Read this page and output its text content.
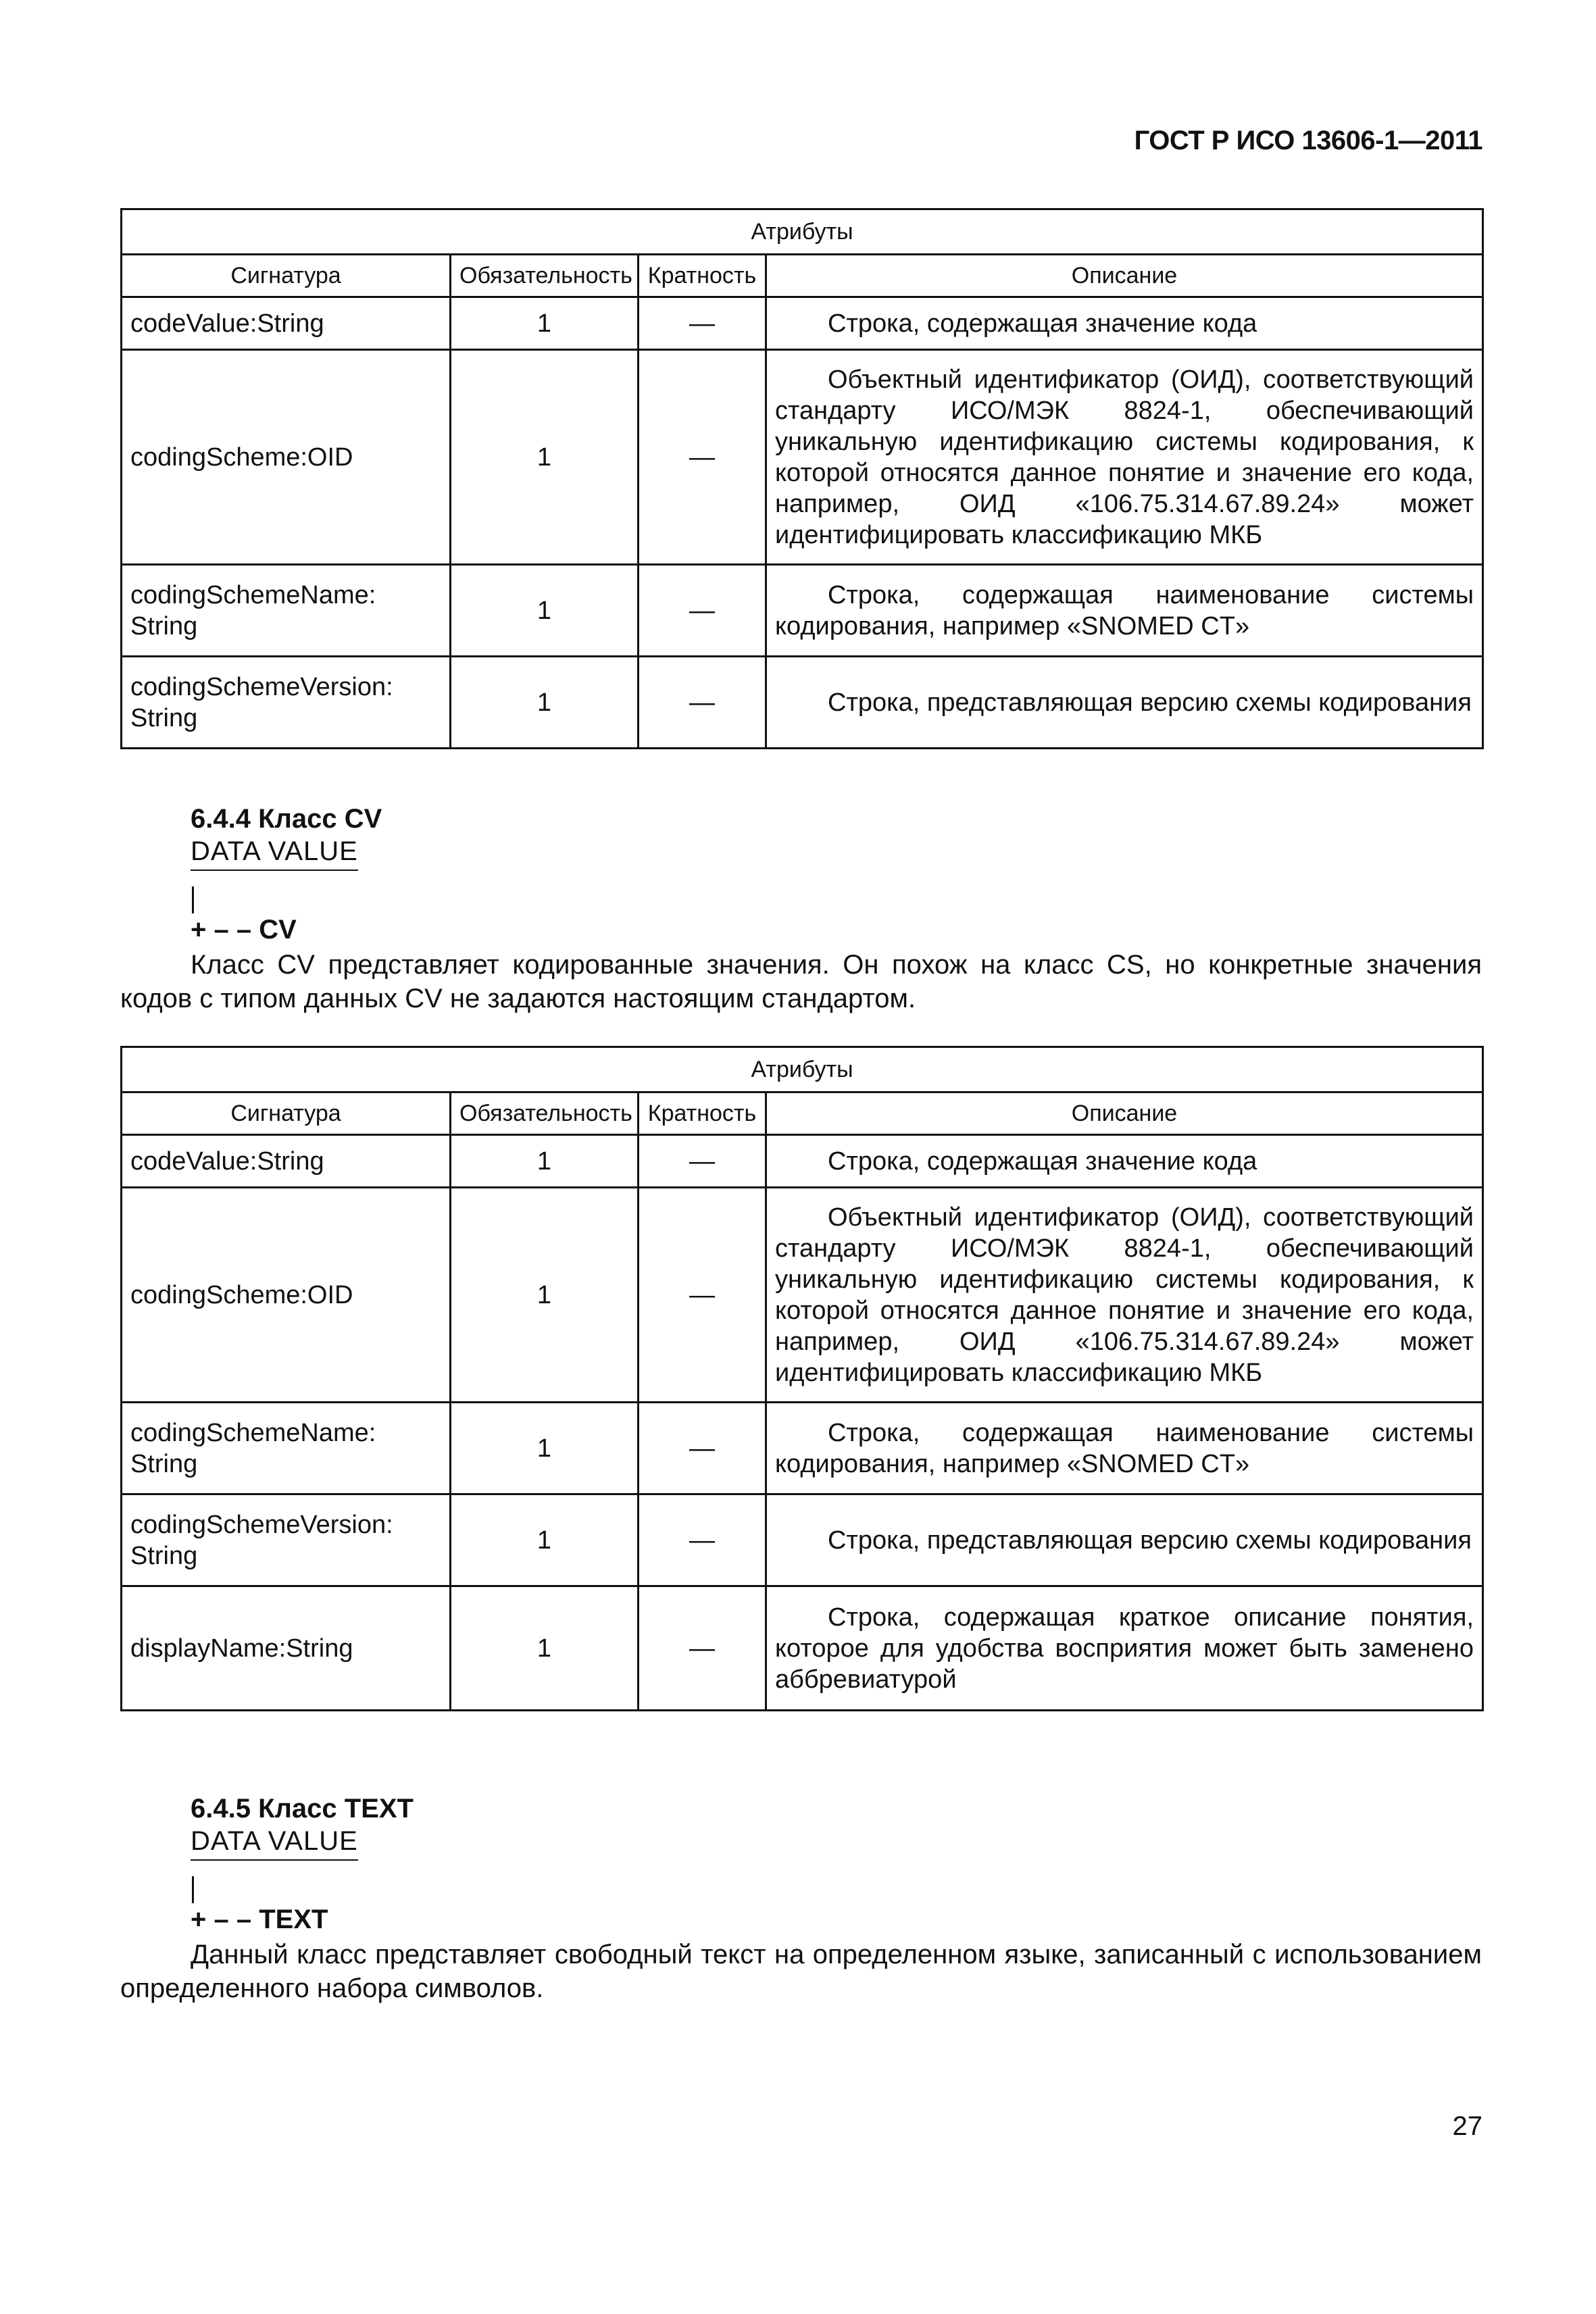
ГОСТ Р ИСО 13606-1—2011
Атрибуты			
Сигнатура	Обязательность	Кратность	Описание
codeValue:String	1	—	Строка, содержащая значение кода

codingScheme:OID	1	—	Объектный идентификатор (ОИД), соответствующий стандарту ИСО/МЭК 8824-1, обеспечивающий уникальную идентификацию системы кодирования, к которой относятся данное понятие и значение его кода, например, ОИД «106.75.314.67.89.24» может идентифицировать классификацию МКБ

codingSchemeName: String	1	—	Строка, содержащая наименование системы кодирования, например «SNOMED CT»

codingSchemeVersion: String	1	—	Строка, представляющая версию схемы кодирования
6.4.4 Класс CV
DATA VALUE
+ – – CV

Класс CV представляет кодированные значения. Он похож на класс CS, но конкретные значения кодов с типом данных CV не задаются настоящим стандартом.

Атрибуты			
Сигнатура	Обязательность	Кратность	Описание
codeValue:String	1	—	Строка, содержащая значение кода

codingScheme:OID	1	—	Объектный идентификатор (ОИД), соответствующий стандарту ИСО/МЭК 8824-1, обеспечивающий уникальную идентификацию системы кодирования, к которой относятся данное понятие и значение его кода, например, ОИД «106.75.314.67.89.24» может идентифицировать классификацию МКБ

codingSchemeName: String	1	—	Строка, содержащая наименование системы кодирования, например «SNOMED CT»

codingSchemeVersion: String	1	—	Строка, представляющая версию схемы кодирования

displayName:String	1	—	Строка, содержащая краткое описание понятия, которое для удобства восприятия может быть заменено аббревиатурой
6.4.5 Класс TEXT
DATA VALUE
+ – – TEXT

Данный класс представляет свободный текст на определенном языке, записанный с использованием определенного набора символов.

27
